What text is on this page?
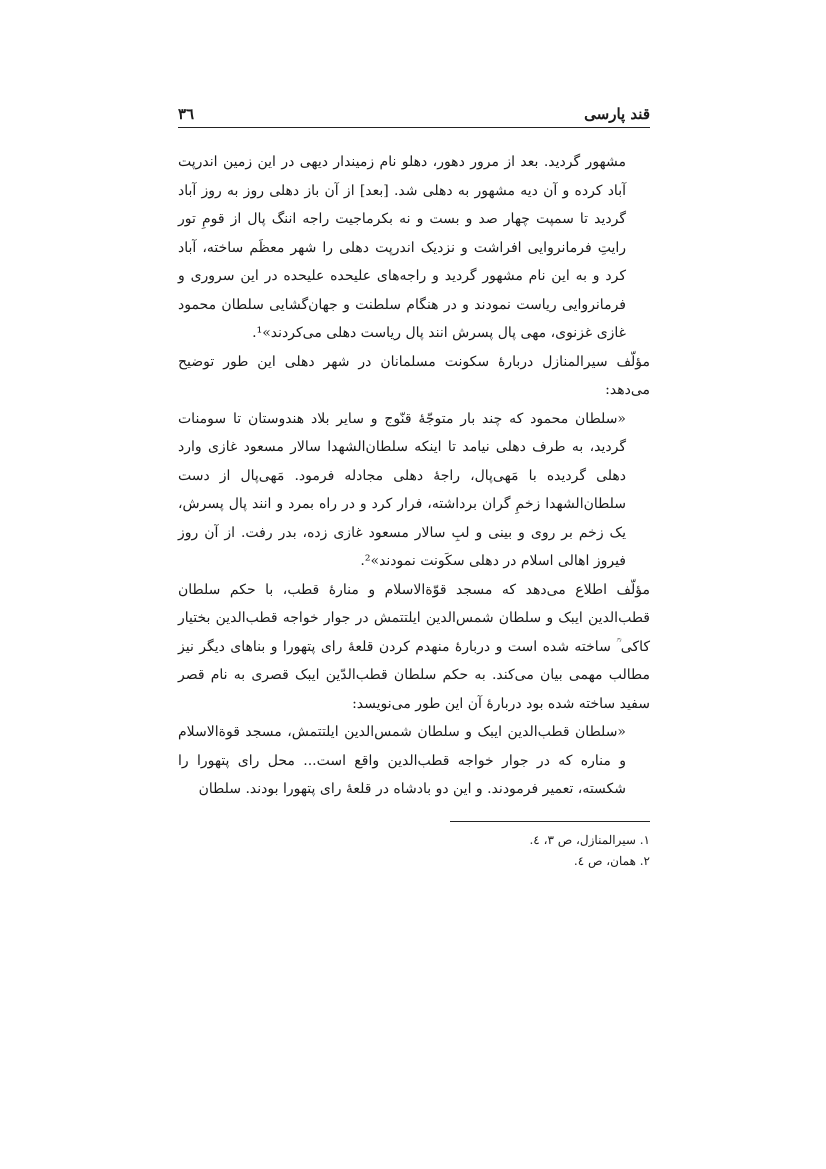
قند پارسی
۳٦

مشهور گردید. بعد از مرور دهور، دهلو نام زمیندار دیهی در این زمین اندرپت آباد کرده و آن دیه مشهور به دهلی شد. [بعد] از آن باز دهلی روز به روز آباد گردید تا سمپت چهار صد و بست و نه بکرماجیت راجه اننگ پال از قومِ تور رایتِ فرمانروایی افراشت و نزدیک اندرپت دهلی را شهر معظَم ساخته، آباد کرد و به این نام مشهور گردید و راجه‌های علیحده علیحده در این سروری و فرمانروایی ریاست نمودند و در هنگام سلطنت و جهان‌گشایی سلطان محمود غازی غزنوی، مهی پال پسرش انند پال ریاست دهلی می‌کردند»¹.

مؤلّف سیرالمنازل دربارهٔ سکونت مسلمانان در شهر دهلی این طور توضیح می‌دهد:

«سلطان محمود که چند بار متوجّهٔ قنّوج و سایر بلاد هندوستان تا سومنات گردید، به طرف دهلی نیامد تا اینکه سلطان‌الشهدا سالار مسعود غازی وارد دهلی گردیده با مَهی‌پال، راجهٔ دهلی مجادله فرمود. مَهی‌پال از دست سلطان‌الشهدا زخمِ گران برداشته، فرار کرد و در راه بمرد و انند پال پسرش، یک زخم بر روی و بینی و لبِ سالار مسعود غازی زده، بدر رفت. از آن روز فیروز اهالی اسلام در دهلی سکَونت نمودند»².

مؤلّف اطلاع می‌دهد که مسجد قوّةالاسلام و منارهٔ قطب، با حکم سلطان قطب‌الدین ایبک و سلطان شمس‌الدین ایلتتمش در جوار خواجه قطب‌الدین بختیار کاکی ؒ ساخته شده است و دربارهٔ منهدم کردن قلعهٔ رای پتهورا و بناهای دیگر نیز مطالب مهمی بیان می‌کند. به حکم سلطان قطب‌الدّین ایبک قصری به نام قصر سفید ساخته شده بود دربارهٔ آن این طور می‌نویسد:

«سلطان قطب‌الدین ایبک و سلطان شمس‌الدین ایلتتمش، مسجد قوةالاسلام و مناره که در جوار خواجه قطب‌الدین واقع است... محل رای پتهورا را شکسته، تعمیر فرمودند. و این دو بادشاه در قلعهٔ رای پتهورا بودند. سلطان

۱. سیرالمنازل، ص ۳، ٤.

۲. همان، ص ٤.
